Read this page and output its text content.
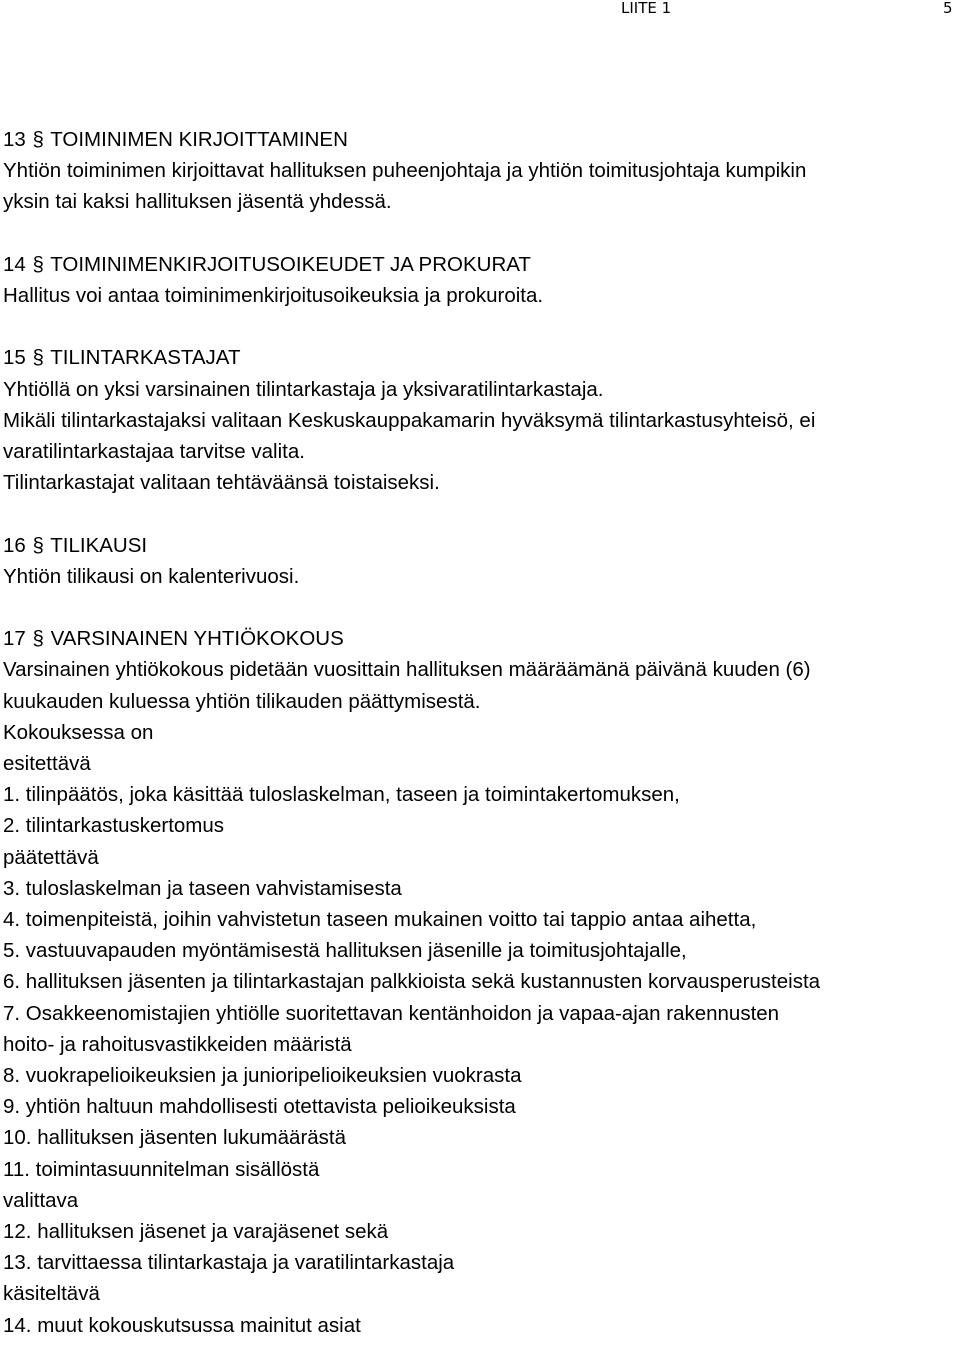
LIITE 1	5
13 § TOIMINIMEN KIRJOITTAMINEN
Yhtiön toiminimen kirjoittavat hallituksen puheenjohtaja ja yhtiön toimitusjohtaja kumpikin
yksin tai kaksi hallituksen jäsentä yhdessä.
14 § TOIMINIMENKIRJOITUSOIKEUDET JA PROKURAT
Hallitus voi antaa toiminimenkirjoitusoikeuksia ja prokuroita.
15 § TILINTARKASTAJAT
Yhtiöllä on yksi varsinainen tilintarkastaja ja yksivaratilintarkastaja.
Mikäli tilintarkastajaksi valitaan Keskuskauppakamarin hyväksymä tilintarkastusyhteisö, ei
varatilintarkastajaa tarvitse valita.
Tilintarkastajat valitaan tehtäväänsä toistaiseksi.
16 § TILIKAUSI
Yhtiön tilikausi on kalenterivuosi.
17 § VARSINAINEN YHTIÖKOKOUS
Varsinainen yhtiökokous pidetään vuosittain hallituksen määräämänä päivänä kuuden (6)
kuukauden kuluessa yhtiön tilikauden päättymisestä.
Kokouksessa on
esitettävä
1. tilinpäätös, joka käsittää tuloslaskelman, taseen ja toimintakertomuksen,
2. tilintarkastuskertomus
päätettävä
3. tuloslaskelman ja taseen vahvistamisesta
4. toimenpiteistä, joihin vahvistetun taseen mukainen voitto tai tappio antaa aihetta,
5. vastuuvapauden myöntämisestä hallituksen jäsenille ja toimitusjohtajalle,
6. hallituksen jäsenten ja tilintarkastajan palkkioista sekä kustannusten korvausperusteista
7. Osakkeenomistajien yhtiölle suoritettavan kentänhoidon ja vapaa-ajan rakennusten
hoito- ja rahoitusvastikkeiden määristä
8. vuokrapelioikeuksien ja junioripelioikeuksien vuokrasta
9. yhtiön haltuun mahdollisesti otettavista pelioikeuksista
10. hallituksen jäsenten lukumäärästä
11. toimintasuunnitelman sisällöstä
valittava
12. hallituksen jäsenet ja varajäsenet sekä
13. tarvittaessa tilintarkastaja ja varatilintarkastaja
käsiteltävä
14. muut kokouskutsussa mainitut asiat
